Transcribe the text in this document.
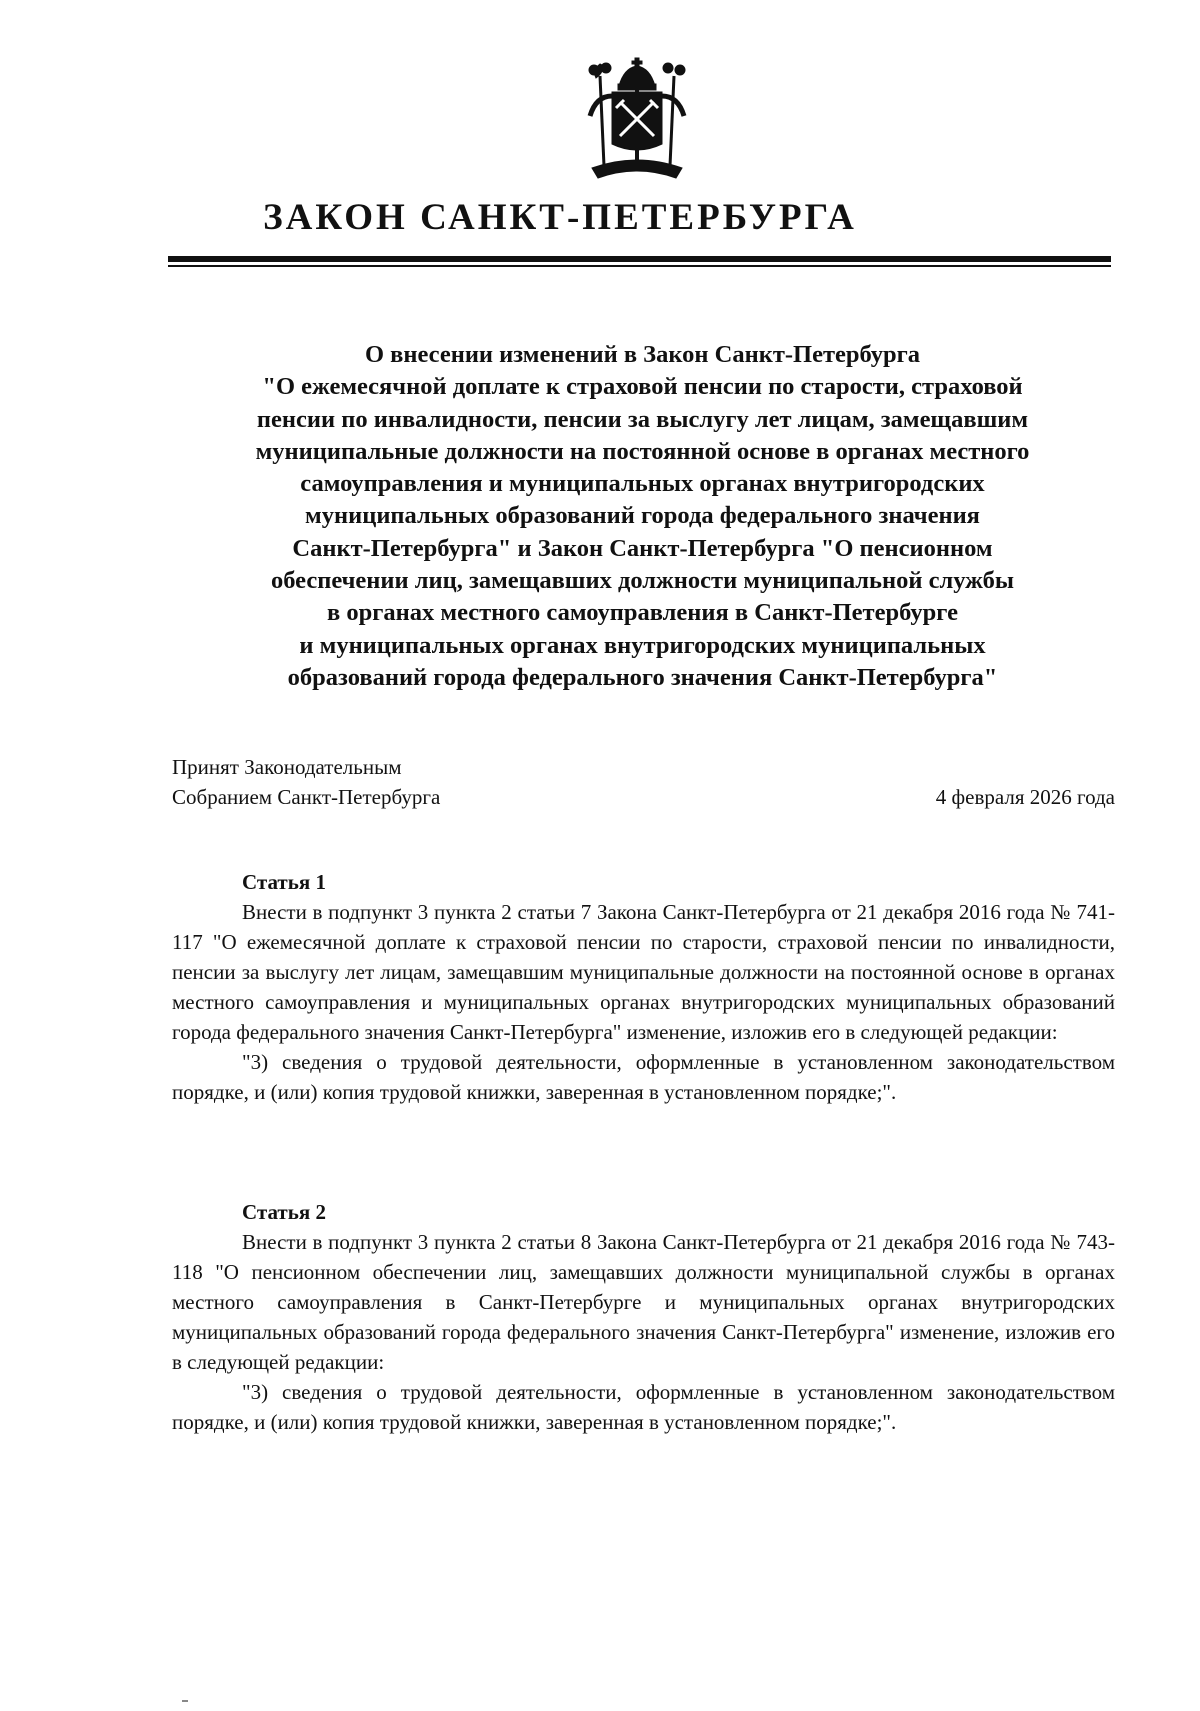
ЗАКОН САНКТ-ПЕТЕРБУРГА
О внесении изменений в Закон Санкт-Петербурга
"О ежемесячной доплате к страховой пенсии по старости, страховой
пенсии по инвалидности, пенсии за выслугу лет лицам, замещавшим
муниципальные должности на постоянной основе в органах местного
самоуправления и муниципальных органах внутригородских
муниципальных образований города федерального значения
Санкт-Петербурга" и Закон Санкт-Петербурга "О пенсионном
обеспечении лиц, замещавших должности муниципальной службы
в органах местного самоуправления в Санкт-Петербурге
и муниципальных органах внутригородских муниципальных
образований города федерального значения Санкт-Петербурга"
Принят Законодательным
Собранием Санкт-Петербурга	4 февраля 2026 года

Статья 1

Внести в подпункт 3 пункта 2 статьи 7 Закона Санкт-Петербурга от 21 декабря 2016 года № 741-117 "О ежемесячной доплате к страховой пенсии по старости, страховой пенсии по инвалидности, пенсии за выслугу лет лицам, замещавшим муниципальные должности на постоянной основе в органах местного самоуправления и муниципальных органах внутригородских муниципальных образований города федерального значения Санкт-Петербурга" изменение, изложив его в следующей редакции:

"3) сведения о трудовой деятельности, оформленные в установленном законодательством порядке, и (или) копия трудовой книжки, заверенная в установленном порядке;".

Статья 2

Внести в подпункт 3 пункта 2 статьи 8 Закона Санкт-Петербурга от 21 декабря 2016 года № 743-118 "О пенсионном обеспечении лиц, замещавших должности муниципальной службы в органах местного самоуправления в Санкт-Петербурге и муниципальных органах внутригородских муниципальных образований города федерального значения Санкт-Петербурга" изменение, изложив его в следующей редакции:

"3) сведения о трудовой деятельности, оформленные в установленном законодательством порядке, и (или) копия трудовой книжки, заверенная в установленном порядке;".
